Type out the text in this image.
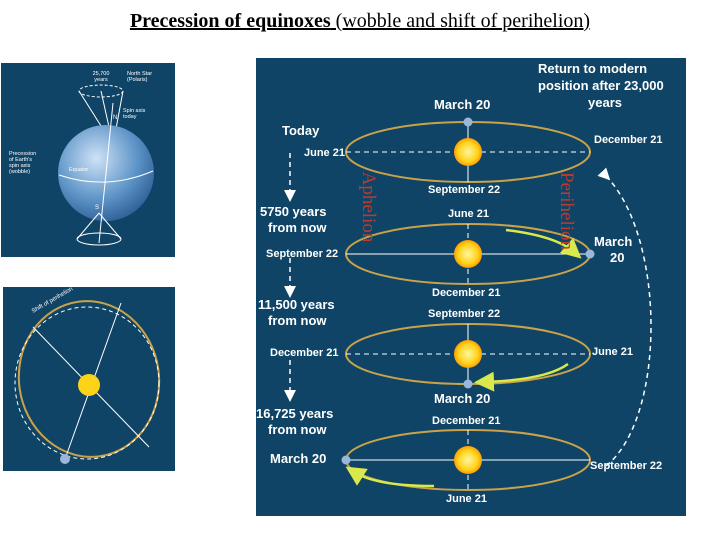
Precession of equinoxes (wobble and shift of perihelion)
25,700 years
North Star (Polaris)
Spin axis today
Precession of Earth's spin axis (wobble)	Equator
N
S
Shift of perihelion
Return to modern position after 23,000 years
Today
5750 years from now
11,500 years from now
16,725 years from now
March 20
June 21
December 21
September 22
June 21
September 22
March 20
December 21
September 22
December 21	June 21
March 20
December 21
March 20	September 22
June 21
Aphelion	Perihelion
